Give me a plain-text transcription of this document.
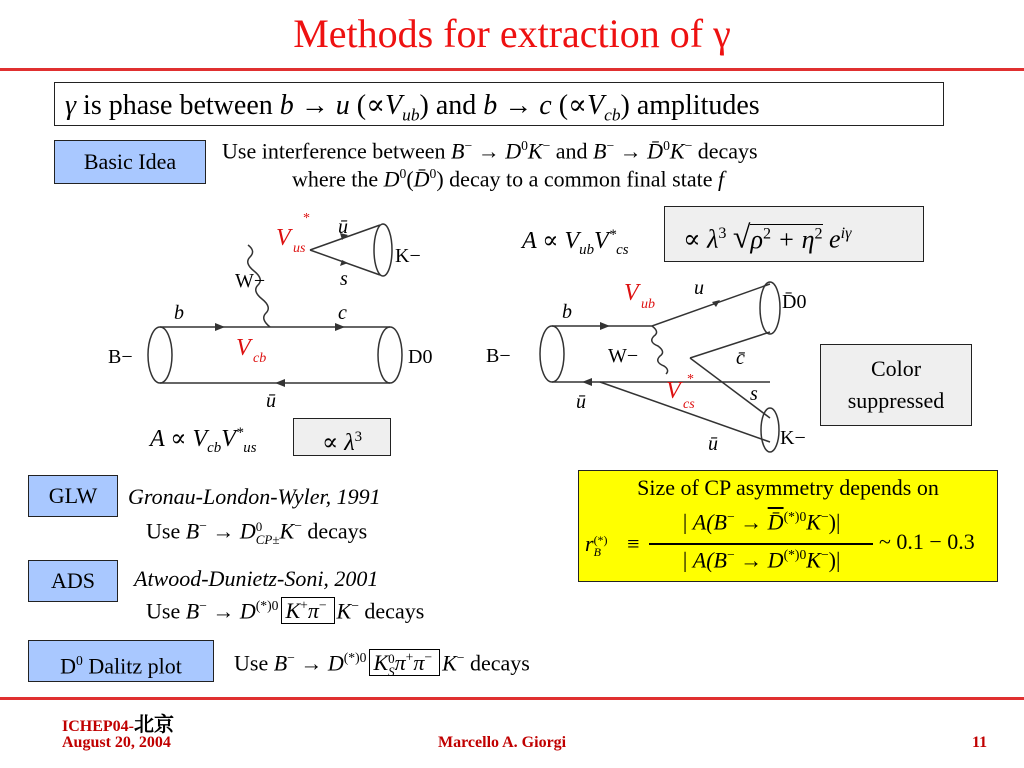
Methods for extraction of γ
γ is phase between b → u $(\propto V_{ub})$ and b → c $(\propto V_{cb})$ amplitudes
Basic Idea	Use interference between $B^- \to D^0K^-$ and B− → D̄$^0$K− decays
where the $D^0(D̄^0)$ decay to a common final state f
ū
s
K−
W−
b	c
B−	D0
ū
V us
*
V cb
$A \propto V_{cb}V^*_{us}$	∝ $\lambda^3$
$A \propto V_{ub}V^*_{cs}$	∝ $\lambda^3$ $√\rho^2 + \eta^2$ $e^{i\gamma}$
b
B−	W−
u
D̄0
c̄
s
ū
ū	K−
V ub
V
cs
*	Color
suppressed
GLW	Gronau-London-Wyler, 1991
Use B− → D 0
CP± K− decays
ADS	Atwood-Dunietz-Soni, 2001
Use $B^- \to D^{(*)0}$ K+π− K− decays
$D^0$ Dalitz plot	Use $B^- \to D^{(*)0}$ K 0
S π+π− K− decays
Size of CP asymmetry depends on
r (*)
B	≡
| A(B− → D̄$^{(*)0}$K−)|
| $A(B^- \to D^{(*)0}K^-)|$
~ 0.1 − 0.3
ICHEP04-北京
August 20, 2004	Marcello A. Giorgi	11
